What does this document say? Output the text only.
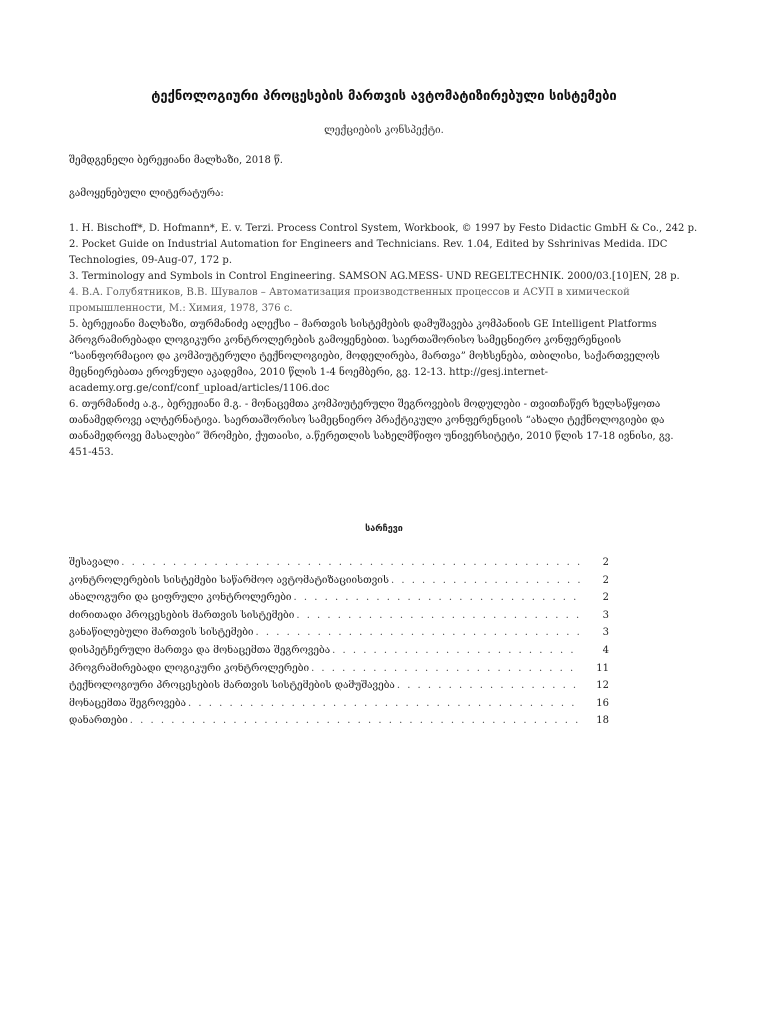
ტექნოლოგიური პროცესების მართვის ავტომატიზირებული სისტემები
ლექციების კონსპექტი.
შემდგენელი ბერეჟიანი მალხაზი, 2018 წ.
გამოყენებული ლიტერატურა:

1. H. Bischoff*, D. Hofmann*, E. v. Terzi. Process Control System, Workbook, © 1997 by Festo Didactic GmbH & Co., 242 p.

2. Pocket Guide on Industrial Automation for Engineers and Technicians. Rev. 1.04, Edited by Sshrinivas Medida. IDC Technologies, 09-Aug-07, 172 p.

3. Terminology and Symbols in Control Engineering. SAMSON AG.MESS- UND REGELTECHNIK. 2000/03.[10]EN, 28 p.

4. В.А. Голубятников, В.В. Шувалов – Автоматизация производственных процессов и АСУП в химической промышленности, М.: Химия, 1978, 376 с.

5. ბერეჟიანი მალხაზი, თურმანიძე ალექსი – მართვის სისტემების დამუშავება კომპანიის GE Intelligent Platforms პროგრამირებადი ლოგიკური კონტროლერების გამოყენებით. საერთაშორისო სამეცნიერო კონფერენციის “საინფორმაციო და კომპიუტერული ტექნოლოგიები, მოდელირება, მართვა” მოხსენება, თბილისი, საქართველოს მეცნიერებათა ეროვნული აკადემია, 2010 წლის 1-4 ნოემბერი, გვ. 12-13. http://gesj.internet-academy.org.ge/conf/conf_upload/articles/1106.doc

6. თურმანიძე ა.გ., ბერეჟიანი მ.გ. - მონაცემთა კომპიუტერული შეგროვების მოდულები - თვითჩაწერ ხელსაწყოთა თანამედროვე ალტერნატივა. საერთაშორისო სამეცნიერო პრაქტიკული კონფერენციის “ახალი ტექნოლოგიები და თანამედროვე მასალები” შრომები, ქუთაისი, ა.წერეთლის სახელმწიფო უნივერსიტეტი, 2010 წლის 17-18 ივნისი, გვ. 451-453.

სარჩევი
შესავალი . . .	2
კონტროლერების სისტემები საწარმოო ავტომატიზაციისთვის . . .	2
ანალოგური და ციფრული კონტროლერები . . .	2
ძირითადი პროცესების მართვის სისტემები . . .	3
განაწილებული მართვის სისტემები . . .	3
დისპეტჩერული მართვა და მონაცემთა შეგროვება . . .	4
პროგრამირებადი ლოგიკური კონტროლერები . . .	11
ტექნოლოგიური პროცესების მართვის სისტემების დამუშავება . . .	12
მონაცემთა შეგროვება . . .	16
დანართები . . .	18
